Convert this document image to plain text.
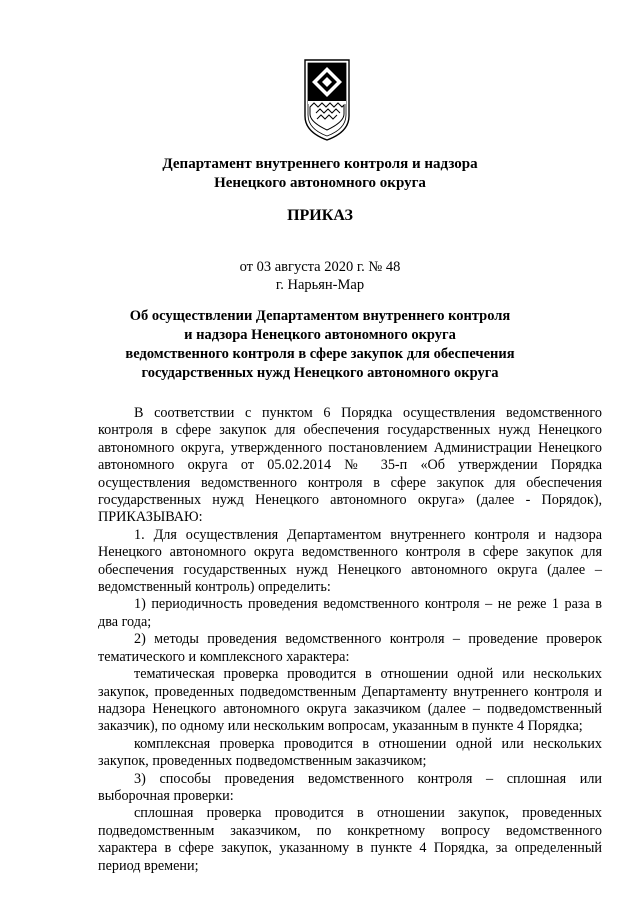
Департамент внутреннего контроля и надзора
Ненецкого автономного округа
ПРИКАЗ
от 03 августа 2020 г. № 48
г. Нарьян-Мар
Об осуществлении Департаментом внутреннего контроля
и надзора Ненецкого автономного округа
ведомственного контроля в сфере закупок для обеспечения
государственных нужд Ненецкого автономного округа

В соответствии с пунктом 6 Порядка осуществления ведомственного контроля в сфере закупок для обеспечения государственных нужд Ненецкого автономного округа, утвержденного постановлением Администрации Ненецкого автономного округа от 05.02.2014 № 35-п «Об утверждении Порядка осуществления ведомственного контроля в сфере закупок для обеспечения государственных нужд Ненецкого автономного округа» (далее - Порядок), ПРИКАЗЫВАЮ:

1. Для осуществления Департаментом внутреннего контроля и надзора Ненецкого автономного округа ведомственного контроля в сфере закупок для обеспечения государственных нужд Ненецкого автономного округа (далее – ведомственный контроль) определить:

1) периодичность проведения ведомственного контроля – не реже 1 раза в два года;

2) методы проведения ведомственного контроля – проведение проверок тематического и комплексного характера:

тематическая проверка проводится в отношении одной или нескольких закупок, проведенных подведомственным Департаменту внутреннего контроля и надзора Ненецкого автономного округа заказчиком (далее – подведомственный заказчик), по одному или нескольким вопросам, указанным в пункте 4 Порядка;

комплексная проверка проводится в отношении одной или нескольких закупок, проведенных подведомственным заказчиком;

3) способы проведения ведомственного контроля – сплошная или выборочная проверки:

сплошная проверка проводится в отношении закупок, проведенных подведомственным заказчиком, по конкретному вопросу ведомственного характера в сфере закупок, указанному в пункте 4 Порядка, за определенный период времени;
